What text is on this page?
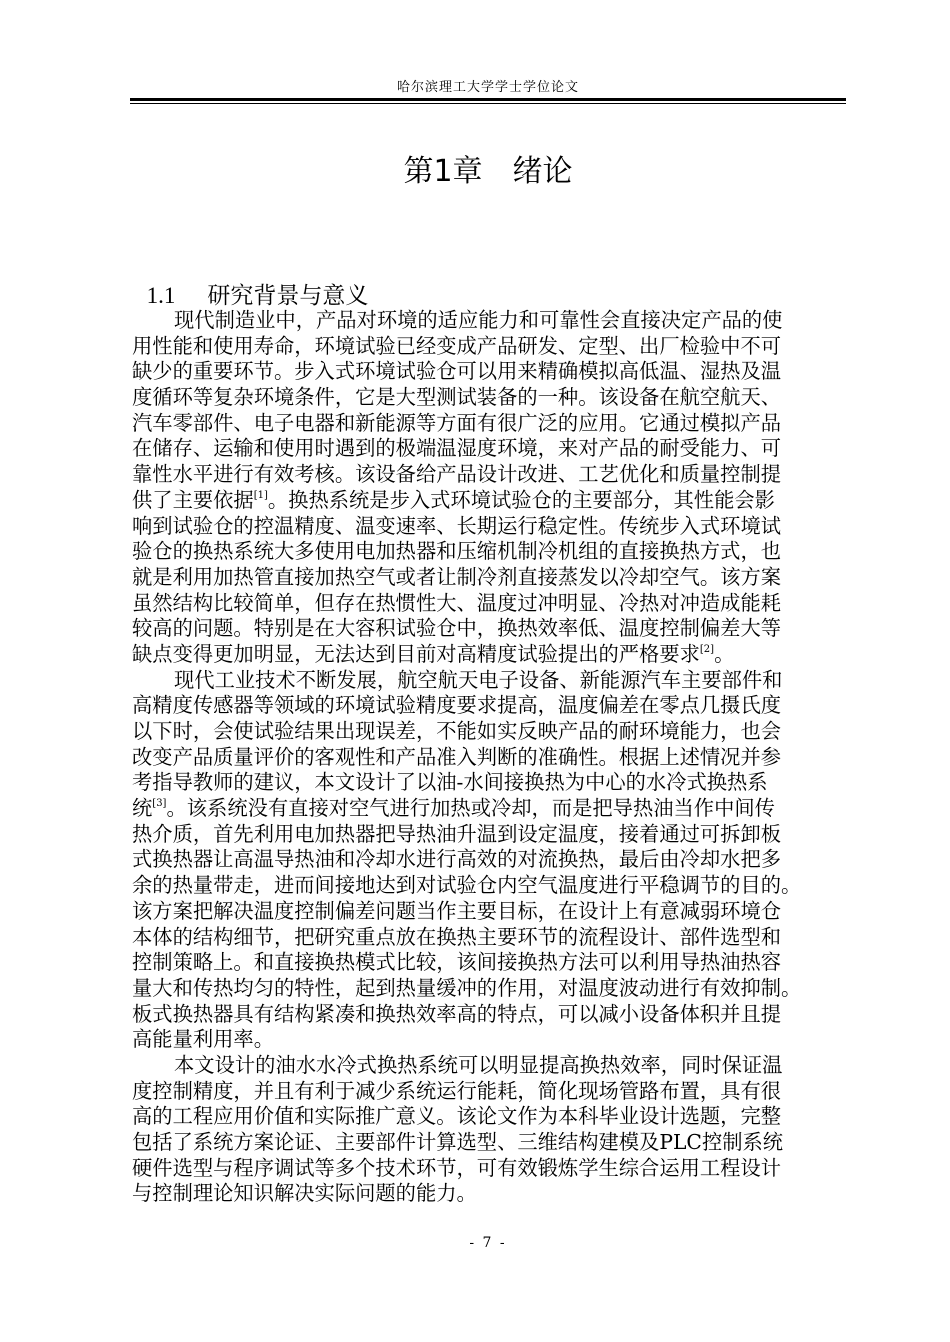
哈尔滨理工大学学士学位论文
第1章　绪论

1.1 研究背景与意义

现代制造业中，产品对环境的适应能力和可靠性会直接决定产品的使
用性能和使用寿命，环境试验已经变成产品研发、定型、出厂检验中不可
缺少的重要环节。步入式环境试验仓可以用来精确模拟高低温、湿热及温
度循环等复杂环境条件，它是大型测试装备的一种。该设备在航空航天、
汽车零部件、电子电器和新能源等方面有很广泛的应用。它通过模拟产品
在储存、运输和使用时遇到的极端温湿度环境，来对产品的耐受能力、可
靠性水平进行有效考核。该设备给产品设计改进、工艺优化和质量控制提
供了主要依据[1]。换热系统是步入式环境试验仓的主要部分，其性能会影
响到试验仓的控温精度、温变速率、长期运行稳定性。传统步入式环境试
验仓的换热系统大多使用电加热器和压缩机制冷机组的直接换热方式，也
就是利用加热管直接加热空气或者让制冷剂直接蒸发以冷却空气。该方案
虽然结构比较简单，但存在热惯性大、温度过冲明显、冷热对冲造成能耗
较高的问题。特别是在大容积试验仓中，换热效率低、温度控制偏差大等
缺点变得更加明显，无法达到目前对高精度试验提出的严格要求[2]。
现代工业技术不断发展，航空航天电子设备、新能源汽车主要部件和
高精度传感器等领域的环境试验精度要求提高，温度偏差在零点几摄氏度
以下时，会使试验结果出现误差，不能如实反映产品的耐环境能力，也会
改变产品质量评价的客观性和产品准入判断的准确性。根据上述情况并参
考指导教师的建议，本文设计了以油-水间接换热为中心的水冷式换热系
统[3]。该系统没有直接对空气进行加热或冷却，而是把导热油当作中间传
热介质，首先利用电加热器把导热油升温到设定温度，接着通过可拆卸板
式换热器让高温导热油和冷却水进行高效的对流换热，最后由冷却水把多
余的热量带走，进而间接地达到对试验仓内空气温度进行平稳调节的目的。
该方案把解决温度控制偏差问题当作主要目标，在设计上有意减弱环境仓
本体的结构细节，把研究重点放在换热主要环节的流程设计、部件选型和
控制策略上。和直接换热模式比较，该间接换热方法可以利用导热油热容
量大和传热均匀的特性，起到热量缓冲的作用，对温度波动进行有效抑制。
板式换热器具有结构紧凑和换热效率高的特点，可以减小设备体积并且提
高能量利用率。
本文设计的油水水冷式换热系统可以明显提高换热效率，同时保证温
度控制精度，并且有利于减少系统运行能耗，简化现场管路布置，具有很
高的工程应用价值和实际推广意义。该论文作为本科毕业设计选题，完整
包括了系统方案论证、主要部件计算选型、三维结构建模及PLC控制系统
硬件选型与程序调试等多个技术环节，可有效锻炼学生综合运用工程设计
与控制理论知识解决实际问题的能力。
- 7 -
